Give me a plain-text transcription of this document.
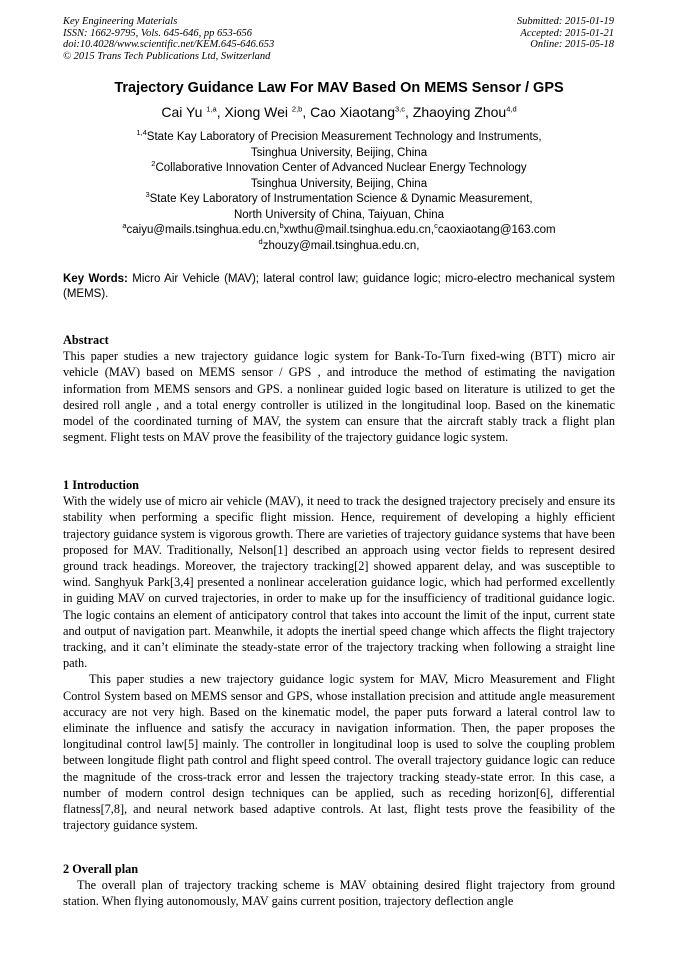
Key Engineering Materials
ISSN: 1662-9795, Vols. 645-646, pp 653-656
doi:10.4028/www.scientific.net/KEM.645-646.653
© 2015 Trans Tech Publications Ltd, Switzerland
Submitted: 2015-01-19
Accepted: 2015-01-21
Online: 2015-05-18
Trajectory Guidance Law For MAV Based On MEMS Sensor / GPS
Cai Yu $^{1,a}$, Xiong Wei $^{2,b}$, Cao Xiaotang$^{3,c}$, Zhaoying Zhou$^{4,d}$
$^{1,4}$State Kay Laboratory of Precision Measurement Technology and Instruments,
Tsinghua University, Beijing, China
$^2$Collaborative Innovation Center of Advanced Nuclear Energy Technology
Tsinghua University, Beijing, China
$^3$State Key Laboratory of Instrumentation Science & Dynamic Measurement,
North University of China, Taiyuan, China
$^a$caiyu@mails.tsinghua.edu.cn,$^b$xwthu@mail.tsinghua.edu.cn,$^c$caoxiaotang@163.com
$^d$zhouzy@mail.tsinghua.edu.cn,
Key Words: Micro Air Vehicle (MAV); lateral control law; guidance logic; micro-electro mechanical system (MEMS).
Abstract

This paper studies a new trajectory guidance logic system for Bank-To-Turn fixed-wing (BTT) micro air vehicle (MAV) based on MEMS sensor / GPS , and introduce the method of estimating the navigation information from MEMS sensors and GPS. a nonlinear guided logic based on literature is utilized to get the desired roll angle , and a total energy controller is utilized in the longitudinal loop. Based on the kinematic model of the coordinated turning of MAV, the system can ensure that the aircraft stably track a flight plan segment. Flight tests on MAV prove the feasibility of the trajectory guidance logic system.

1 Introduction

With the widely use of micro air vehicle (MAV), it need to track the designed trajectory precisely and ensure its stability when performing a specific flight mission. Hence, requirement of developing a highly efficient trajectory guidance system is vigorous growth. There are varieties of trajectory guidance systems that have been proposed for MAV. Traditionally, Nelson[1] described an approach using vector fields to represent desired ground track headings. Moreover, the trajectory tracking[2] showed apparent delay, and was susceptible to wind. Sanghyuk Park[3,4] presented a nonlinear acceleration guidance logic, which had performed excellently in guiding MAV on curved trajectories, in order to make up for the insufficiency of traditional guidance logic. The logic contains an element of anticipatory control that takes into account the limit of the input, current state and output of navigation part. Meanwhile, it adopts the inertial speed change which affects the flight trajectory tracking, and it can’t eliminate the steady-state error of the trajectory tracking when following a straight line path.

This paper studies a new trajectory guidance logic system for MAV, Micro Measurement and Flight Control System based on MEMS sensor and GPS, whose installation precision and attitude angle measurement accuracy are not very high. Based on the kinematic model, the paper puts forward a lateral control law to eliminate the influence and satisfy the accuracy in navigation information. Then, the paper proposes the longitudinal control law[5] mainly. The controller in longitudinal loop is used to solve the coupling problem between longitude flight path control and flight speed control. The overall trajectory guidance logic can reduce the magnitude of the cross-track error and lessen the trajectory tracking steady-state error. In this case, a number of modern control design techniques can be applied, such as receding horizon[6], differential flatness[7,8], and neural network based adaptive controls. At last, flight tests prove the feasibility of the trajectory guidance system.

2 Overall plan

The overall plan of trajectory tracking scheme is MAV obtaining desired flight trajectory from ground station. When flying autonomously, MAV gains current position, trajectory deflection angle
